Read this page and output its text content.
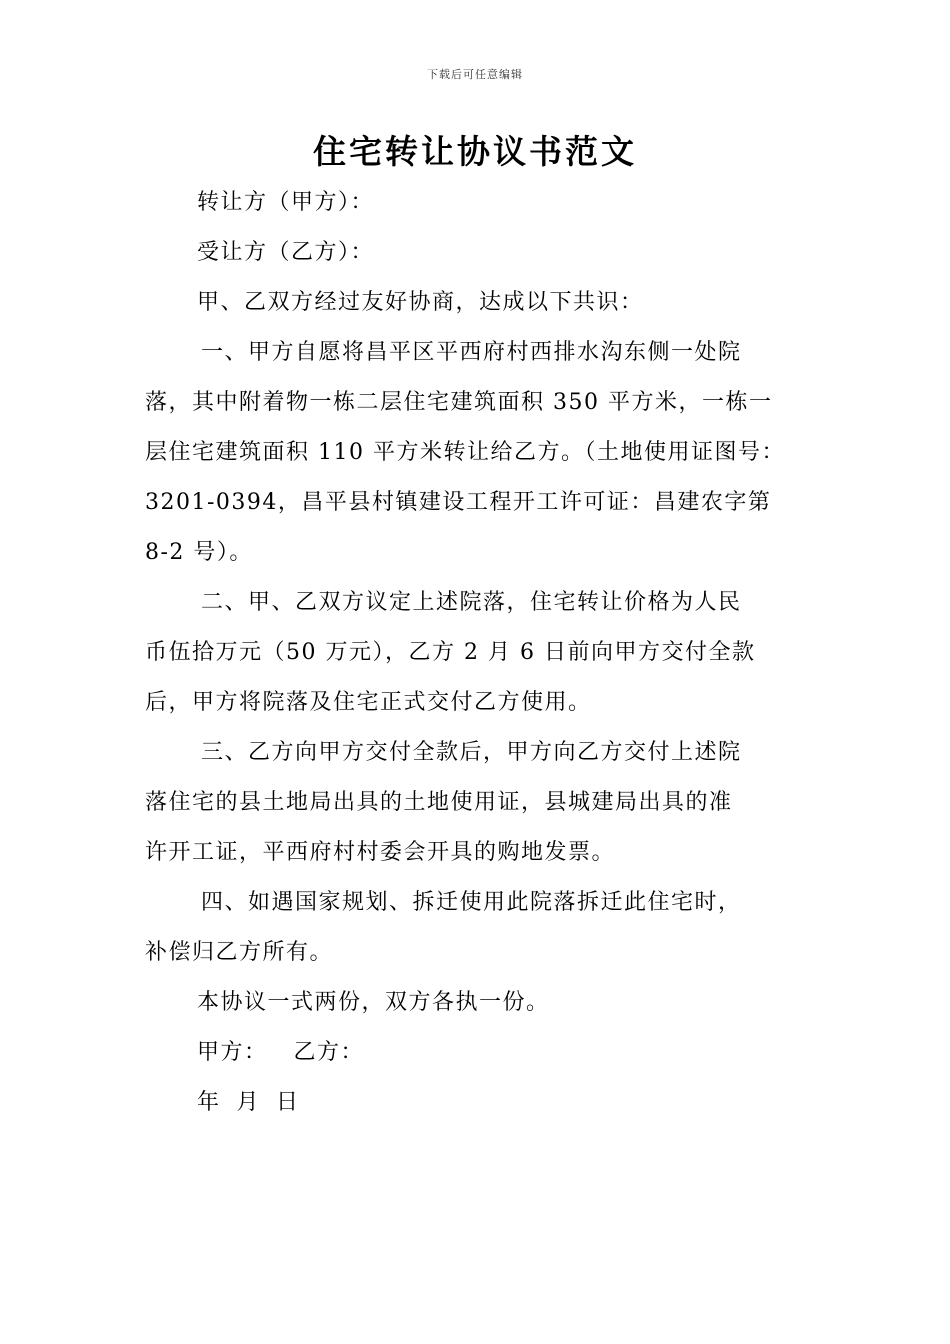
下载后可任意编辑
住宅转让协议书范文
转让方（甲方）：
受让方（乙方）：
甲、乙双方经过友好协商，达成以下共识：
一、甲方自愿将昌平区平西府村西排水沟东侧一处院
落，其中附着物一栋二层住宅建筑面积 350 平方米，一栋一
层住宅建筑面积 110 平方米转让给乙方。（土地使用证图号：
3201-0394，昌平县村镇建设工程开工许可证：昌建农字第
8-2 号）。
二、甲、乙双方议定上述院落，住宅转让价格为人民
币伍拾万元（50 万元），乙方 2 月 6 日前向甲方交付全款
后，甲方将院落及住宅正式交付乙方使用。
三、乙方向甲方交付全款后，甲方向乙方交付上述院
落住宅的县土地局出具的土地使用证，县城建局出具的准
许开工证，平西府村村委会开具的购地发票。
四、如遇国家规划、拆迁使用此院落拆迁此住宅时，
补偿归乙方所有。
本协议一式两份，双方各执一份。
甲方： 乙方：
年 月 日
